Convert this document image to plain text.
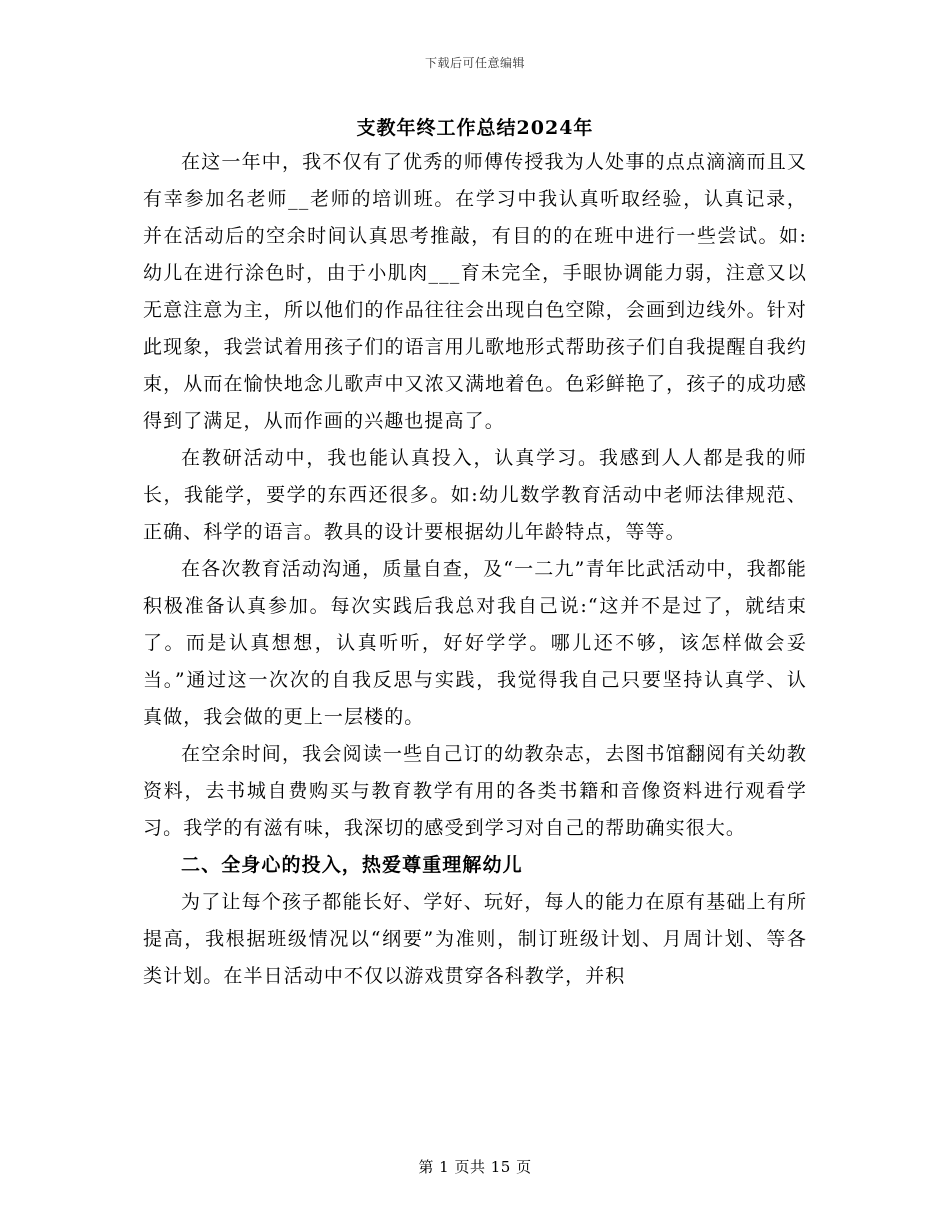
下载后可任意编辑
支教年终工作总结2024年

在这一年中，我不仅有了优秀的师傅传授我为人处事的点点滴滴而且又有幸参加名老师__老师的培训班。在学习中我认真听取经验，认真记录，并在活动后的空余时间认真思考推敲，有目的的在班中进行一些尝试。如:幼儿在进行涂色时，由于小肌肉___育未完全，手眼协调能力弱，注意又以无意注意为主，所以他们的作品往往会出现白色空隙，会画到边线外。针对此现象，我尝试着用孩子们的语言用儿歌地形式帮助孩子们自我提醒自我约束，从而在愉快地念儿歌声中又浓又满地着色。色彩鲜艳了，孩子的成功感得到了满足，从而作画的兴趣也提高了。

在教研活动中，我也能认真投入，认真学习。我感到人人都是我的师长，我能学，要学的东西还很多。如:幼儿数学教育活动中老师法律规范、正确、科学的语言。教具的设计要根据幼儿年龄特点，等等。

在各次教育活动沟通，质量自查，及“一二九”青年比武活动中，我都能积极准备认真参加。每次实践后我总对我自己说:“这并不是过了，就结束了。而是认真想想，认真听听，好好学学。哪儿还不够，该怎样做会妥当。”通过这一次次的自我反思与实践，我觉得我自己只要坚持认真学、认真做，我会做的更上一层楼的。

在空余时间，我会阅读一些自己订的幼教杂志，去图书馆翻阅有关幼教资料，去书城自费购买与教育教学有用的各类书籍和音像资料进行观看学习。我学的有滋有味，我深切的感受到学习对自己的帮助确实很大。

二、全身心的投入，热爱尊重理解幼儿

为了让每个孩子都能长好、学好、玩好，每人的能力在原有基础上有所提高，我根据班级情况以“纲要”为准则，制订班级计划、月周计划、等各类计划。在半日活动中不仅以游戏贯穿各科教学，并积

第 1 页共 15 页
